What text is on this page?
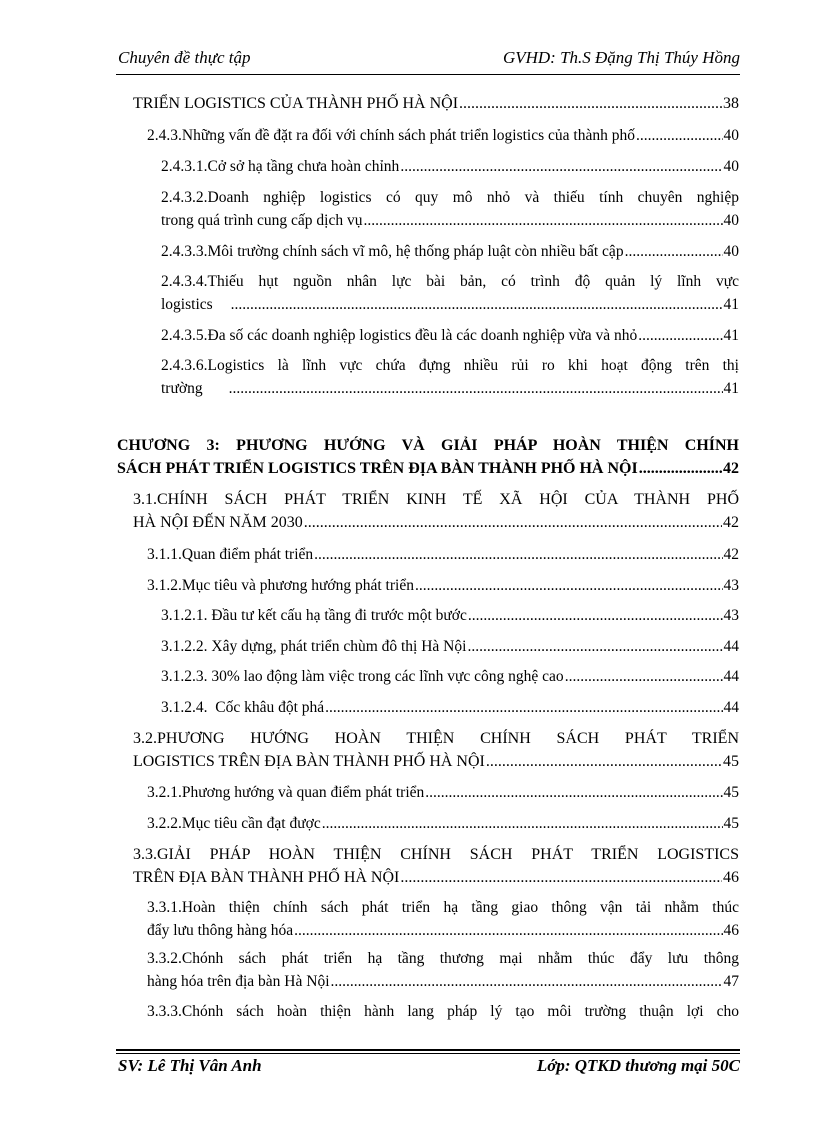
Chuyên đề thực tập	GVHD: Th.S Đặng Thị Thúy Hồng
TRIỂN LOGISTICS CỦA THÀNH PHỐ HÀ NỘI .....	38
2.4.3.Những vấn đề đặt ra đối với chính sách phát triển logistics của thành phố .....	40
2.4.3.1.Cở sở hạ tầng chưa hoàn chỉnh .....	40
2.4.3.2.Doanh nghiệp logistics có quy mô nhỏ và thiếu tính chuyên nghiệp
trong quá trình cung cấp dịch vụ .....	40
2.4.3.3.Môi trường chính sách vĩ mô, hệ thống pháp luật còn nhiều bất cập .....	40
2.4.3.4.Thiếu hụt nguồn nhân lực bài bản, có trình độ quản lý lĩnh vực
logistics .....	41
2.4.3.5.Đa số các doanh nghiệp logistics đều là các doanh nghiệp vừa và nhỏ .....	41
2.4.3.6.Logistics là lĩnh vực chứa đựng nhiều rủi ro khi hoạt động trên thị
trường .....	41
CHƯƠNG 3: PHƯƠNG HƯỚNG VÀ GIẢI PHÁP HOÀN THIỆN CHÍNH
SÁCH PHÁT TRIỂN LOGISTICS TRÊN ĐỊA BÀN THÀNH PHỐ HÀ NỘI .....	42
3.1.CHÍNH SÁCH PHÁT TRIỂN KINH TẾ XÃ HỘI CỦA THÀNH PHỐ
HÀ NỘI ĐẾN NĂM 2030 .....	42
3.1.1.Quan điểm phát triển .....	42
3.1.2.Mục tiêu và phương hướng phát triển .....	43
3.1.2.1. Đầu tư kết cấu hạ tầng đi trước một bước .....	43
3.1.2.2. Xây dựng, phát triển chùm đô thị Hà Nội .....	44
3.1.2.3. 30% lao động làm việc trong các lĩnh vực công nghệ cao .....	44
3.1.2.4.  Cốc khâu đột phá .....	44
3.2.PHƯƠNG HƯỚNG HOÀN THIỆN CHÍNH SÁCH PHÁT TRIỂN
LOGISTICS TRÊN ĐỊA BÀN THÀNH PHỐ HÀ NỘI .....	45
3.2.1.Phương hướng và quan điểm phát triển .....	45
3.2.2.Mục tiêu cần đạt được .....	45
3.3.GIẢI PHÁP HOÀN THIỆN CHÍNH SÁCH PHÁT TRIỂN LOGISTICS
TRÊN ĐỊA BÀN THÀNH PHỐ HÀ NỘI .....	46
3.3.1.Hoàn thiện chính sách phát triển hạ tầng giao thông vận tải nhằm thúc
đẩy lưu thông hàng hóa .....	46
3.3.2.Chónh sách phát triển hạ tầng thương mại nhằm thúc đẩy lưu thông
hàng hóa trên địa bàn Hà Nội .....	47
3.3.3.Chónh sách hoàn thiện hành lang pháp lý tạo môi trường thuận lợi cho
SV: Lê Thị Vân Anh	Lớp: QTKD thương mại 50C
